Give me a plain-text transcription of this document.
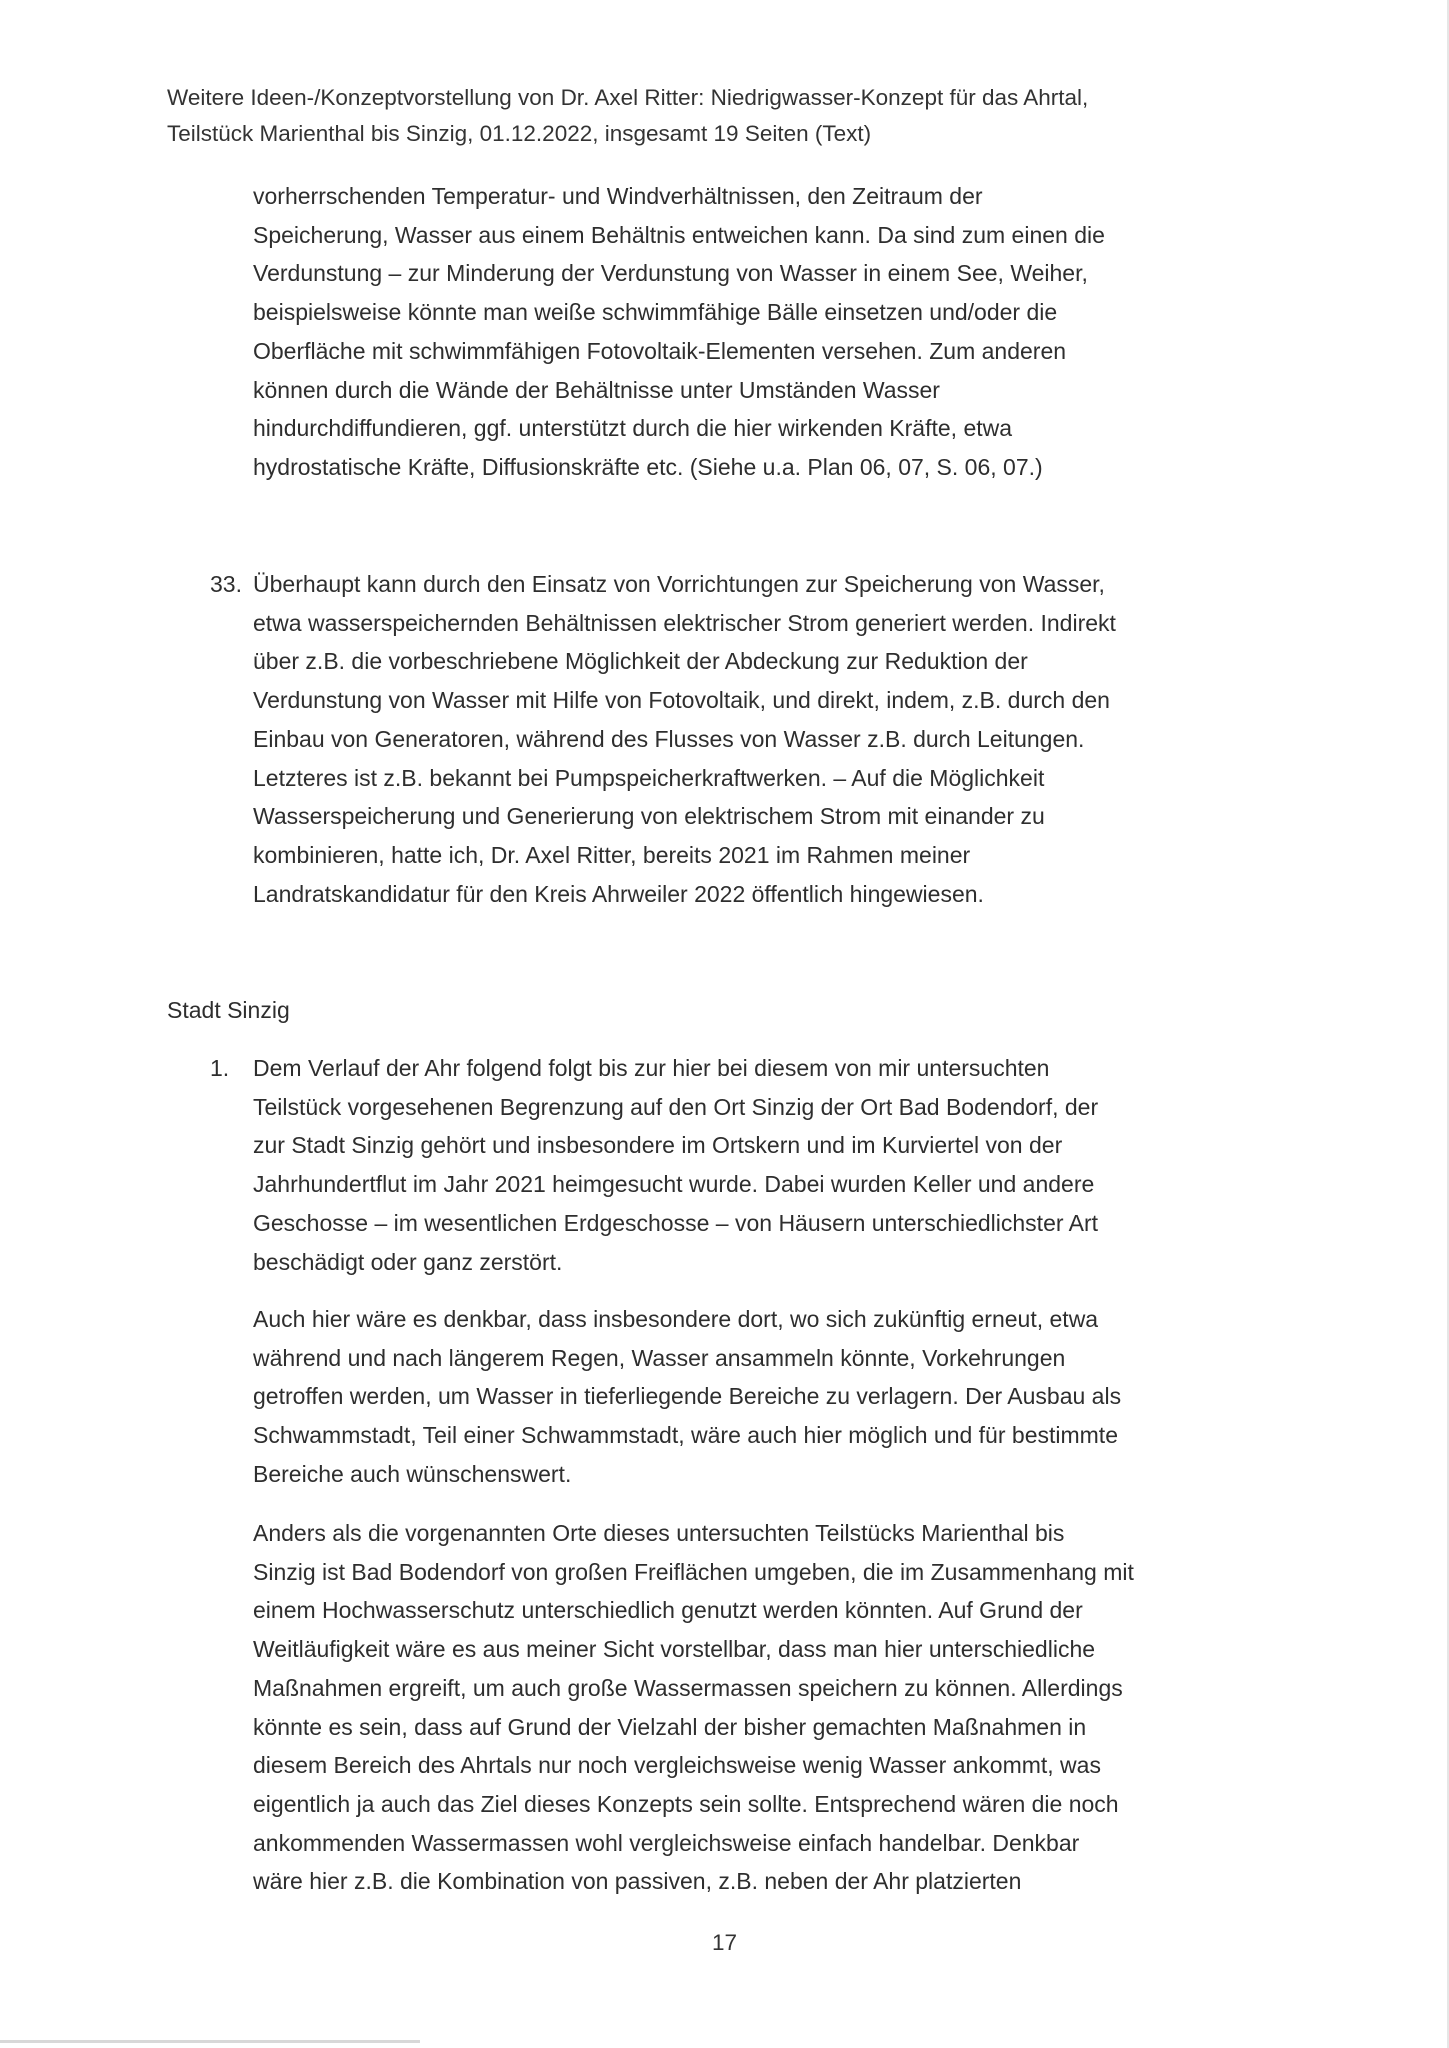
Weitere Ideen-/Konzeptvorstellung von Dr. Axel Ritter: Niedrigwasser-Konzept für das Ahrtal,
Teilstück Marienthal bis Sinzig, 01.12.2022, insgesamt 19 Seiten (Text)

vorherrschenden Temperatur- und Windverhältnissen, den Zeitraum der

Speicherung, Wasser aus einem Behältnis entweichen kann. Da sind zum einen die

Verdunstung – zur Minderung der Verdunstung von Wasser in einem See, Weiher,

beispielsweise könnte man weiße schwimmfähige Bälle einsetzen und/oder die

Oberfläche mit schwimmfähigen Fotovoltaik-Elementen versehen. Zum anderen

können durch die Wände der Behältnisse unter Umständen Wasser

hindurchdiffundieren, ggf. unterstützt durch die hier wirkenden Kräfte, etwa

hydrostatische Kräfte, Diffusionskräfte etc. (Siehe u.a. Plan 06, 07, S. 06, 07.)

33. Überhaupt kann durch den Einsatz von Vorrichtungen zur Speicherung von Wasser,

etwa wasserspeichernden Behältnissen elektrischer Strom generiert werden. Indirekt

über z.B. die vorbeschriebene Möglichkeit der Abdeckung zur Reduktion der

Verdunstung von Wasser mit Hilfe von Fotovoltaik, und direkt, indem, z.B. durch den

Einbau von Generatoren, während des Flusses von Wasser z.B. durch Leitungen.

Letzteres ist z.B. bekannt bei Pumpspeicherkraftwerken. – Auf die Möglichkeit

Wasserspeicherung und Generierung von elektrischem Strom mit einander zu

kombinieren, hatte ich, Dr. Axel Ritter, bereits 2021 im Rahmen meiner

Landratskandidatur für den Kreis Ahrweiler 2022 öffentlich hingewiesen.

Stadt Sinzig
1. Dem Verlauf der Ahr folgend folgt bis zur hier bei diesem von mir untersuchten

Teilstück vorgesehenen Begrenzung auf den Ort Sinzig der Ort Bad Bodendorf, der

zur Stadt Sinzig gehört und insbesondere im Ortskern und im Kurviertel von der

Jahrhundertflut im Jahr 2021 heimgesucht wurde. Dabei wurden Keller und andere

Geschosse – im wesentlichen Erdgeschosse – von Häusern unterschiedlichster Art

beschädigt oder ganz zerstört.

Auch hier wäre es denkbar, dass insbesondere dort, wo sich zukünftig erneut, etwa

während und nach längerem Regen, Wasser ansammeln könnte, Vorkehrungen

getroffen werden, um Wasser in tieferliegende Bereiche zu verlagern. Der Ausbau als

Schwammstadt, Teil einer Schwammstadt, wäre auch hier möglich und für bestimmte

Bereiche auch wünschenswert.

Anders als die vorgenannten Orte dieses untersuchten Teilstücks Marienthal bis

Sinzig ist Bad Bodendorf von großen Freiflächen umgeben, die im Zusammenhang mit

einem Hochwasserschutz unterschiedlich genutzt werden könnten. Auf Grund der

Weitläufigkeit wäre es aus meiner Sicht vorstellbar, dass man hier unterschiedliche

Maßnahmen ergreift, um auch große Wassermassen speichern zu können. Allerdings

könnte es sein, dass auf Grund der Vielzahl der bisher gemachten Maßnahmen in

diesem Bereich des Ahrtals nur noch vergleichsweise wenig Wasser ankommt, was

eigentlich ja auch das Ziel dieses Konzepts sein sollte. Entsprechend wären die noch

ankommenden Wassermassen wohl vergleichsweise einfach handelbar. Denkbar

wäre hier z.B. die Kombination von passiven, z.B. neben der Ahr platzierten

17
